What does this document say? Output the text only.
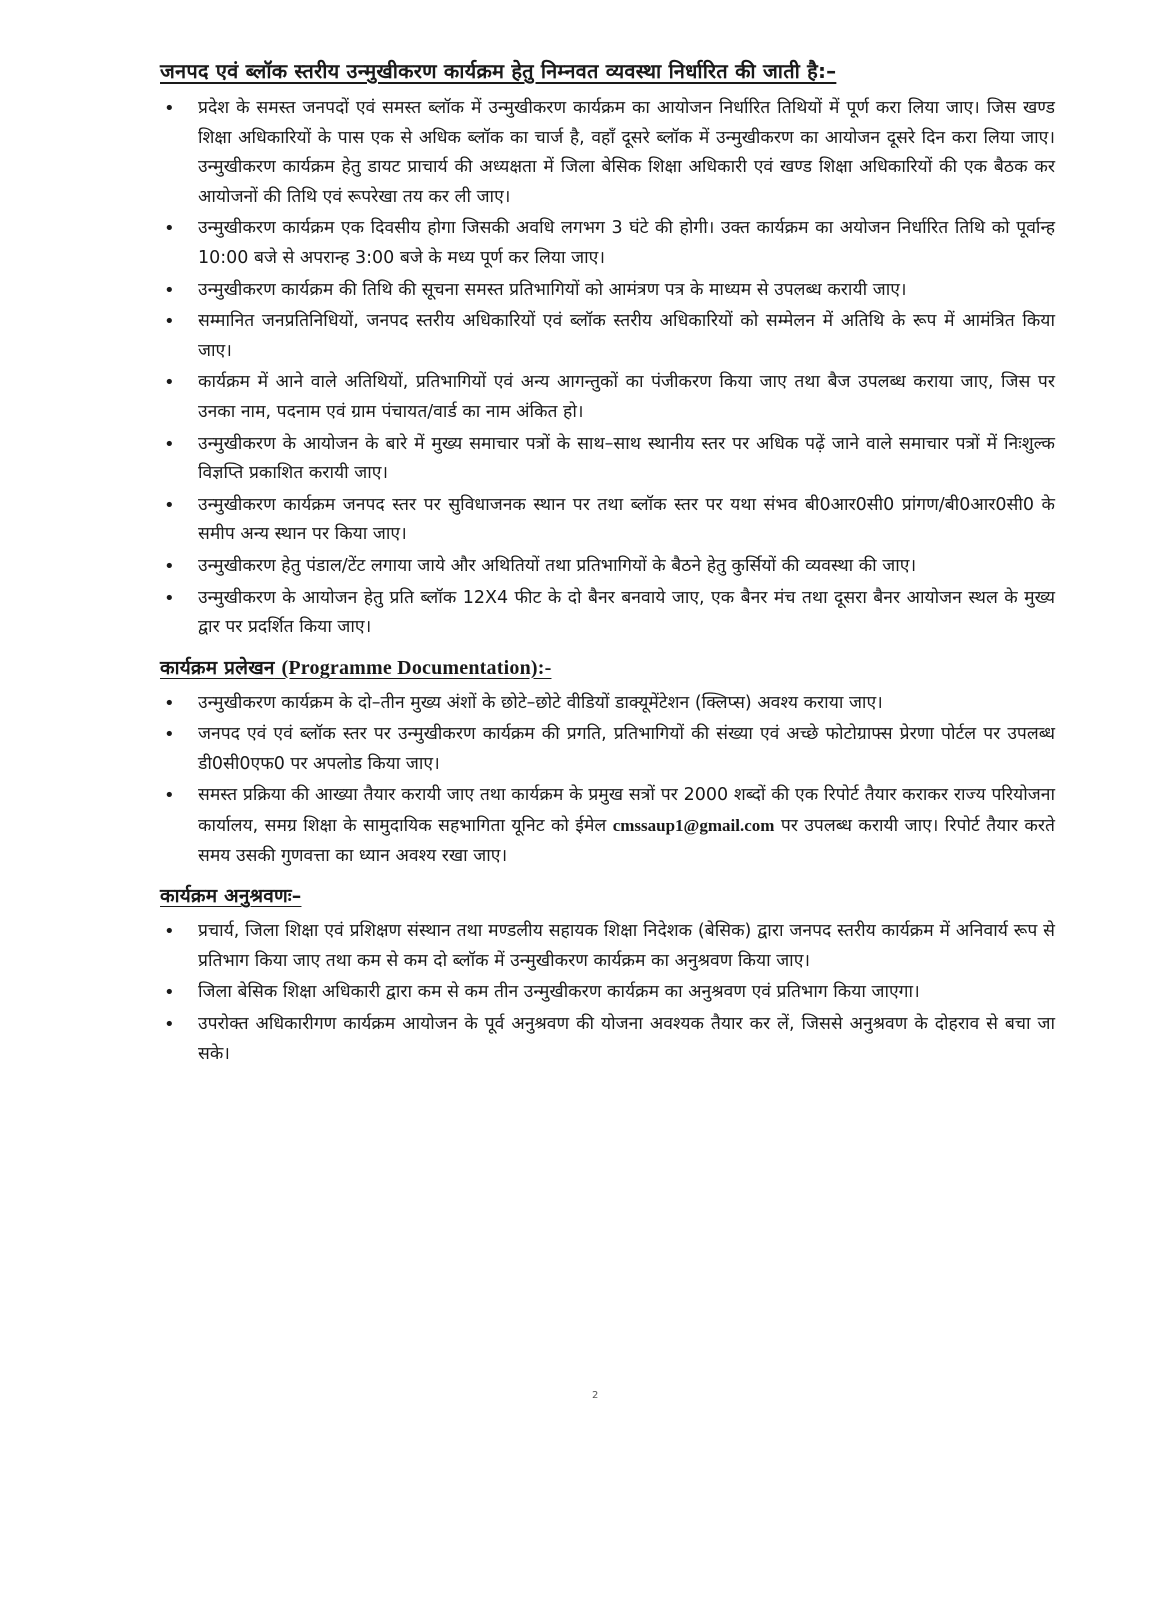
जनपद एवं ब्लॉक स्तरीय उन्मुखीकरण कार्यक्रम हेतु निम्नवत व्यवस्था निर्धारित की जाती है:–
• प्रदेश के समस्त जनपदों एवं समस्त ब्लॉक में उन्मुखीकरण कार्यक्रम का आयोजन निर्धारित तिथियों में पूर्ण करा लिया जाए। जिस खण्ड शिक्षा अधिकारियों के पास एक से अधिक ब्लॉक का चार्ज है, वहाँ दूसरे ब्लॉक में उन्मुखीकरण का आयोजन दूसरे दिन करा लिया जाए। उन्मुखीकरण कार्यक्रम हेतु डायट प्राचार्य की अध्यक्षता में जिला बेसिक शिक्षा अधिकारी एवं खण्ड शिक्षा अधिकारियों की एक बैठक कर आयोजनों की तिथि एवं रूपरेखा तय कर ली जाए।
• उन्मुखीकरण कार्यक्रम एक दिवसीय होगा जिसकी अवधि लगभग 3 घंटे की होगी। उक्त कार्यक्रम का अयोजन निर्धारित तिथि को पूर्वान्ह 10:00 बजे से अपरान्ह 3:00 बजे के मध्य पूर्ण कर लिया जाए।
• उन्मुखीकरण कार्यक्रम की तिथि की सूचना समस्त प्रतिभागियों को आमंत्रण पत्र के माध्यम से उपलब्ध करायी जाए।
• सम्मानित जनप्रतिनिधियों, जनपद स्तरीय अधिकारियों एवं ब्लॉक स्तरीय अधिकारियों को सम्मेलन में अतिथि के रूप में आमंत्रित किया जाए।
• कार्यक्रम में आने वाले अतिथियों, प्रतिभागियों एवं अन्य आगन्तुकों का पंजीकरण किया जाए तथा बैज उपलब्ध कराया जाए, जिस पर उनका नाम, पदनाम एवं ग्राम पंचायत/वार्ड का नाम अंकित हो।
• उन्मुखीकरण के आयोजन के बारे में मुख्य समाचार पत्रों के साथ–साथ स्थानीय स्तर पर अधिक पढ़ें जाने वाले समाचार पत्रों में निःशुल्क विज्ञप्ति प्रकाशित करायी जाए।
• उन्मुखीकरण कार्यक्रम जनपद स्तर पर सुविधाजनक स्थान पर तथा ब्लॉक स्तर पर यथा संभव बी0आर0सी0 प्रांगण/बी0आर0सी0 के समीप अन्य स्थान पर किया जाए।
• उन्मुखीकरण हेतु पंडाल/टेंट लगाया जाये और अथितियों तथा प्रतिभागियों के बैठने हेतु कुर्सियों की व्यवस्था की जाए।
• उन्मुखीकरण के आयोजन हेतु प्रति ब्लॉक 12X4 फीट के दो बैनर बनवाये जाए, एक बैनर मंच तथा दूसरा बैनर आयोजन स्थल के मुख्य द्वार पर प्रदर्शित किया जाए।
कार्यक्रम प्रलेखन (Programme Documentation):-
• उन्मुखीकरण कार्यक्रम के दो–तीन मुख्य अंशों के छोटे–छोटे वीडियों डाक्यूमेंटेशन (क्लिप्स) अवश्य कराया जाए।
• जनपद एवं एवं ब्लॉक स्तर पर उन्मुखीकरण कार्यक्रम की प्रगति, प्रतिभागियों की संख्या एवं अच्छे फोटोग्राफ्स प्रेरणा पोर्टल पर उपलब्ध डी0सी0एफ0 पर अपलोड किया जाए।
• समस्त प्रक्रिया की आख्या तैयार करायी जाए तथा कार्यक्रम के प्रमुख सत्रों पर 2000 शब्दों की एक रिपोर्ट तैयार कराकर राज्य परियोजना कार्यालय, समग्र शिक्षा के सामुदायिक सहभागिता यूनिट को ईमेल cmssaup1@gmail.com पर उपलब्ध करायी जाए। रिपोर्ट तैयार करते समय उसकी गुणवत्ता का ध्यान अवश्य रखा जाए।
कार्यक्रम अनुश्रवणः–
• प्रचार्य, जिला शिक्षा एवं प्रशिक्षण संस्थान तथा मण्डलीय सहायक शिक्षा निदेशक (बेसिक) द्वारा जनपद स्तरीय कार्यक्रम में अनिवार्य रूप से प्रतिभाग किया जाए तथा कम से कम दो ब्लॉक में उन्मुखीकरण कार्यक्रम का अनुश्रवण किया जाए।
• जिला बेसिक शिक्षा अधिकारी द्वारा कम से कम तीन उन्मुखीकरण कार्यक्रम का अनुश्रवण एवं प्रतिभाग किया जाएगा।
• उपरोक्त अधिकारीगण कार्यक्रम आयोजन के पूर्व अनुश्रवण की योजना अवश्यक तैयार कर लें, जिससे अनुश्रवण के दोहराव से बचा जा सके।
2
